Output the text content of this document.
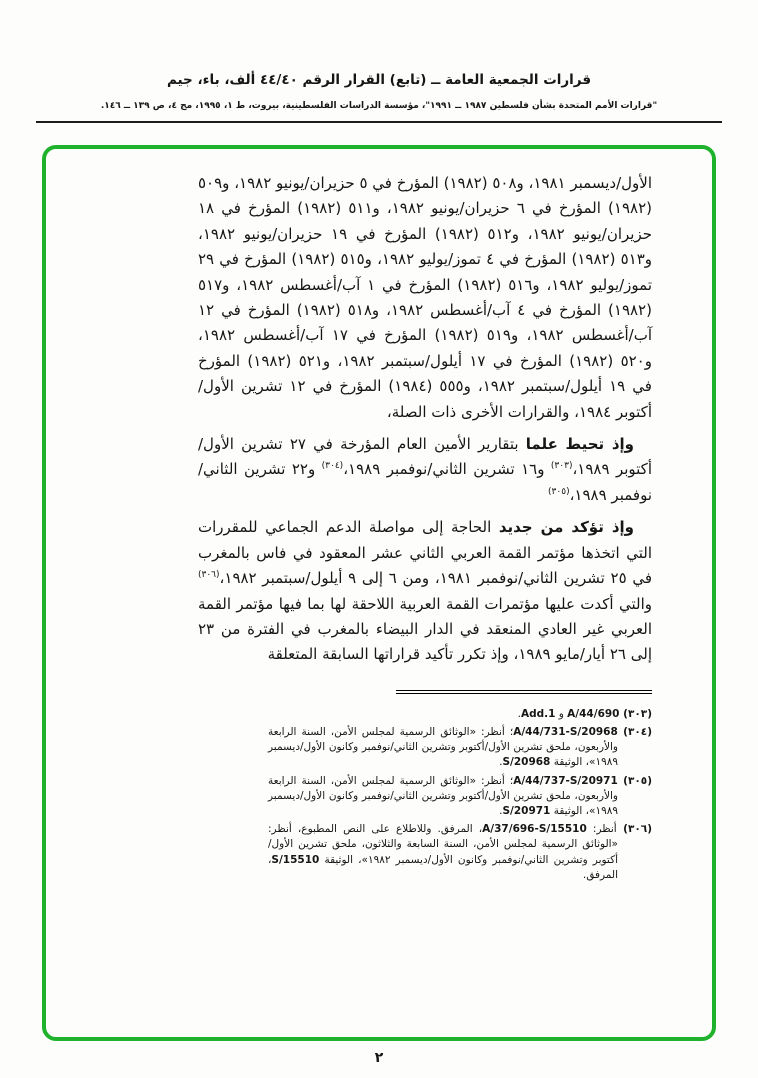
قرارات الجمعية العامة ــ (تابع) القرار الرقم ٤٤/٤٠ ألف، باء، جيم
"قرارات الأمم المتحدة بشأن فلسطين ١٩٨٧ ــ ١٩٩١"، مؤسسة الدراسات الفلسطينية، بيروت، ط ١، ١٩٩٥، مج ٤، ص ١٣٩ ــ ١٤٦.

الأول/ديسمبر ١٩٨١، و٥٠٨ (١٩٨٢) المؤرخ في ٥ حزيران/يونيو ١٩٨٢، و٥٠٩ (١٩٨٢) المؤرخ في ٦ حزيران/يونيو ١٩٨٢، و٥١١ (١٩٨٢) المؤرخ في ١٨ حزيران/يونيو ١٩٨٢، و٥١٢ (١٩٨٢) المؤرخ في ١٩ حزيران/يونيو ١٩٨٢، و٥١٣ (١٩٨٢) المؤرخ في ٤ تموز/يوليو ١٩٨٢، و٥١٥ (١٩٨٢) المؤرخ في ٢٩ تموز/يوليو ١٩٨٢، و٥١٦ (١٩٨٢) المؤرخ في ١ آب/أغسطس ١٩٨٢، و٥١٧ (١٩٨٢) المؤرخ في ٤ آب/أغسطس ١٩٨٢، و٥١٨ (١٩٨٢) المؤرخ في ١٢ آب/أغسطس ١٩٨٢، و٥١٩ (١٩٨٢) المؤرخ في ١٧ آب/أغسطس ١٩٨٢، و٥٢٠ (١٩٨٢) المؤرخ في ١٧ أيلول/سبتمبر ١٩٨٢، و٥٢١ (١٩٨٢) المؤرخ في ١٩ أيلول/سبتمبر ١٩٨٢، و٥٥٥ (١٩٨٤) المؤرخ في ١٢ تشرين الأول/أكتوبر ١٩٨٤، والقرارات الأخرى ذات الصلة،

وإذ تحيط علما بتقارير الأمين العام المؤرخة في ٢٧ تشرين الأول/أكتوبر ١٩٨٩،$^{(٣٠٣)}$ و١٦ تشرين الثاني/نوفمبر ١٩٨٩،$^{(٣٠٤)}$ و٢٢ تشرين الثاني/نوفمبر ١٩٨٩،$^{(٣٠٥)}$

وإذ تؤكد من جديد الحاجة إلى مواصلة الدعم الجماعي للمقررات التي اتخذها مؤتمر القمة العربي الثاني عشر المعقود في فاس بالمغرب في ٢٥ تشرين الثاني/نوفمبر ١٩٨١، ومن ٦ إلى ٩ أيلول/سبتمبر ١٩٨٢،$^{(٣٠٦)}$ والتي أكدت عليها مؤتمرات القمة العربية اللاحقة لها بما فيها مؤتمر القمة العربي غير العادي المنعقد في الدار البيضاء بالمغرب في الفترة من ٢٣ إلى ٢٦ أيار/مايو ١٩٨٩، وإذ تكرر تأكيد قراراتها السابقة المتعلقة

(٣٠٣) A/44/690 و Add.1.
(٣٠٤) A/44/731-S/20968؛ أنظر: «الوثائق الرسمية لمجلس الأمن، السنة الرابعة والأربعون، ملحق تشرين الأول/أكتوبر وتشرين الثاني/نوفمبر وكانون الأول/ديسمبر ١٩٨٩»، الوثيقة S/20968.
(٣٠٥) A/44/737-S/20971؛ أنظر: «الوثائق الرسمية لمجلس الأمن، السنة الرابعة والأربعون، ملحق تشرين الأول/أكتوبر وتشرين الثاني/نوفمبر وكانون الأول/ديسمبر ١٩٨٩»، الوثيقة S/20971.
(٣٠٦) أنظر: A/37/696-S/15510، المرفق. وللاطلاع على النص المطبوع، أنظر: «الوثائق الرسمية لمجلس الأمن، السنة السابعة والثلاثون، ملحق تشرين الأول/أكتوبر وتشرين الثاني/نوفمبر وكانون الأول/ديسمبر ١٩٨٢»، الوثيقة S/15510، المرفق.
٢
